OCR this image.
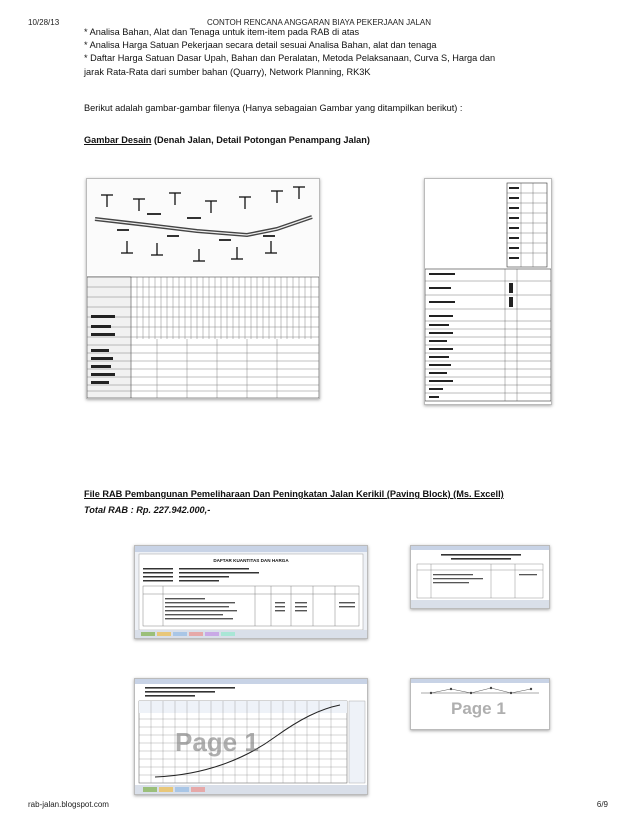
10/28/13	CONTOH RENCANA ANGGARAN BIAYA PEKERJAAN JALAN

* Analisa Bahan, Alat dan Tenaga untuk item-item pada RAB di atas

* Analisa Harga Satuan Pekerjaan secara detail sesuai Analisa Bahan, alat dan tenaga

* Daftar Harga Satuan Dasar Upah, Bahan dan Peralatan, Metoda Pelaksanaan, Curva S, Harga dan

jarak Rata-Rata dari sumber bahan (Quarry), Network Planning, RK3K

Berikut adalah gambar-gambar filenya (Hanya sebagaian Gambar yang ditampilkan berikut) :
Gambar Desain (Denah Jalan, Detail Potongan Penampang Jalan)

File RAB Pembangunan Pemeliharaan Dan Peningkatan Jalan Kerikil (Paving Block) (Ms. Excell)

Total RAB : Rp. 227.942.000,-

DAFTAR KUANTITAS DAN HARGA
Page 1
Page 1
rab-jalan.blogspot.com	6/9
